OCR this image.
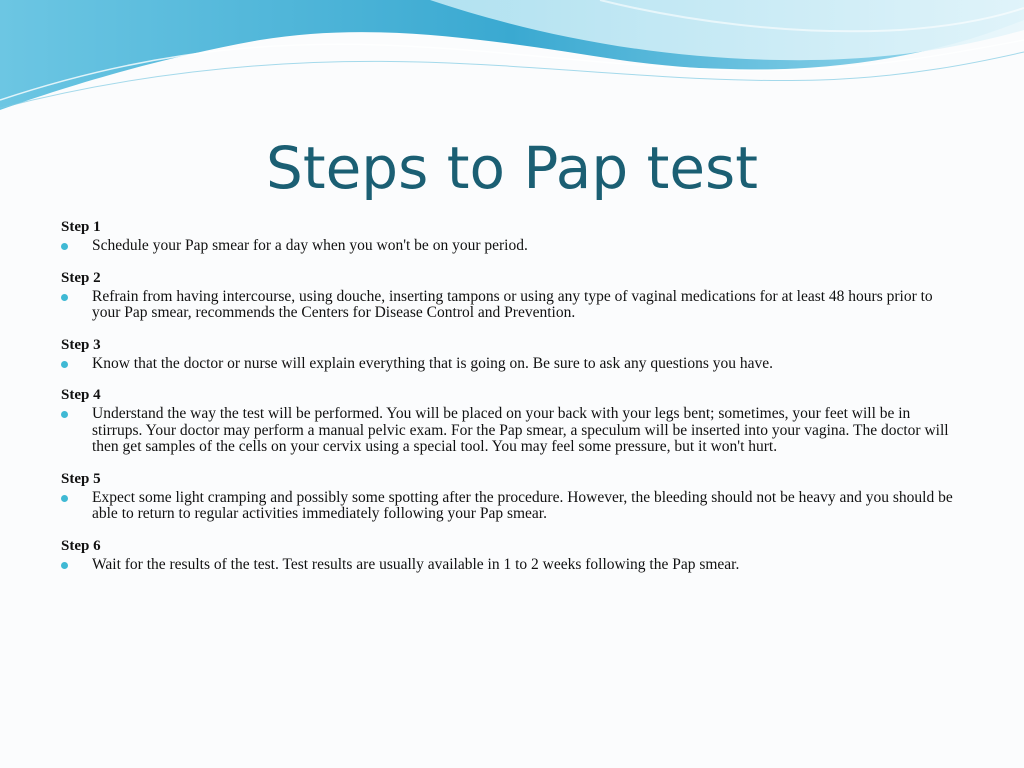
Steps to Pap test
Step 1
Schedule your Pap smear for a day when you won't be on your period.
Step 2
Refrain from having intercourse, using douche, inserting tampons or using any type of vaginal medications for at least 48 hours prior to your Pap smear, recommends the Centers for Disease Control and Prevention.
Step 3
Know that the doctor or nurse will explain everything that is going on. Be sure to ask any questions you have.
Step 4
Understand the way the test will be performed. You will be placed on your back with your legs bent; sometimes, your feet will be in stirrups. Your doctor may perform a manual pelvic exam. For the Pap smear, a speculum will be inserted into your vagina. The doctor will then get samples of the cells on your cervix using a special tool. You may feel some pressure, but it won't hurt.
Step 5
Expect some light cramping and possibly some spotting after the procedure. However, the bleeding should not be heavy and you should be able to return to regular activities immediately following your Pap smear.
Step 6
Wait for the results of the test. Test results are usually available in 1 to 2 weeks following the Pap smear.
